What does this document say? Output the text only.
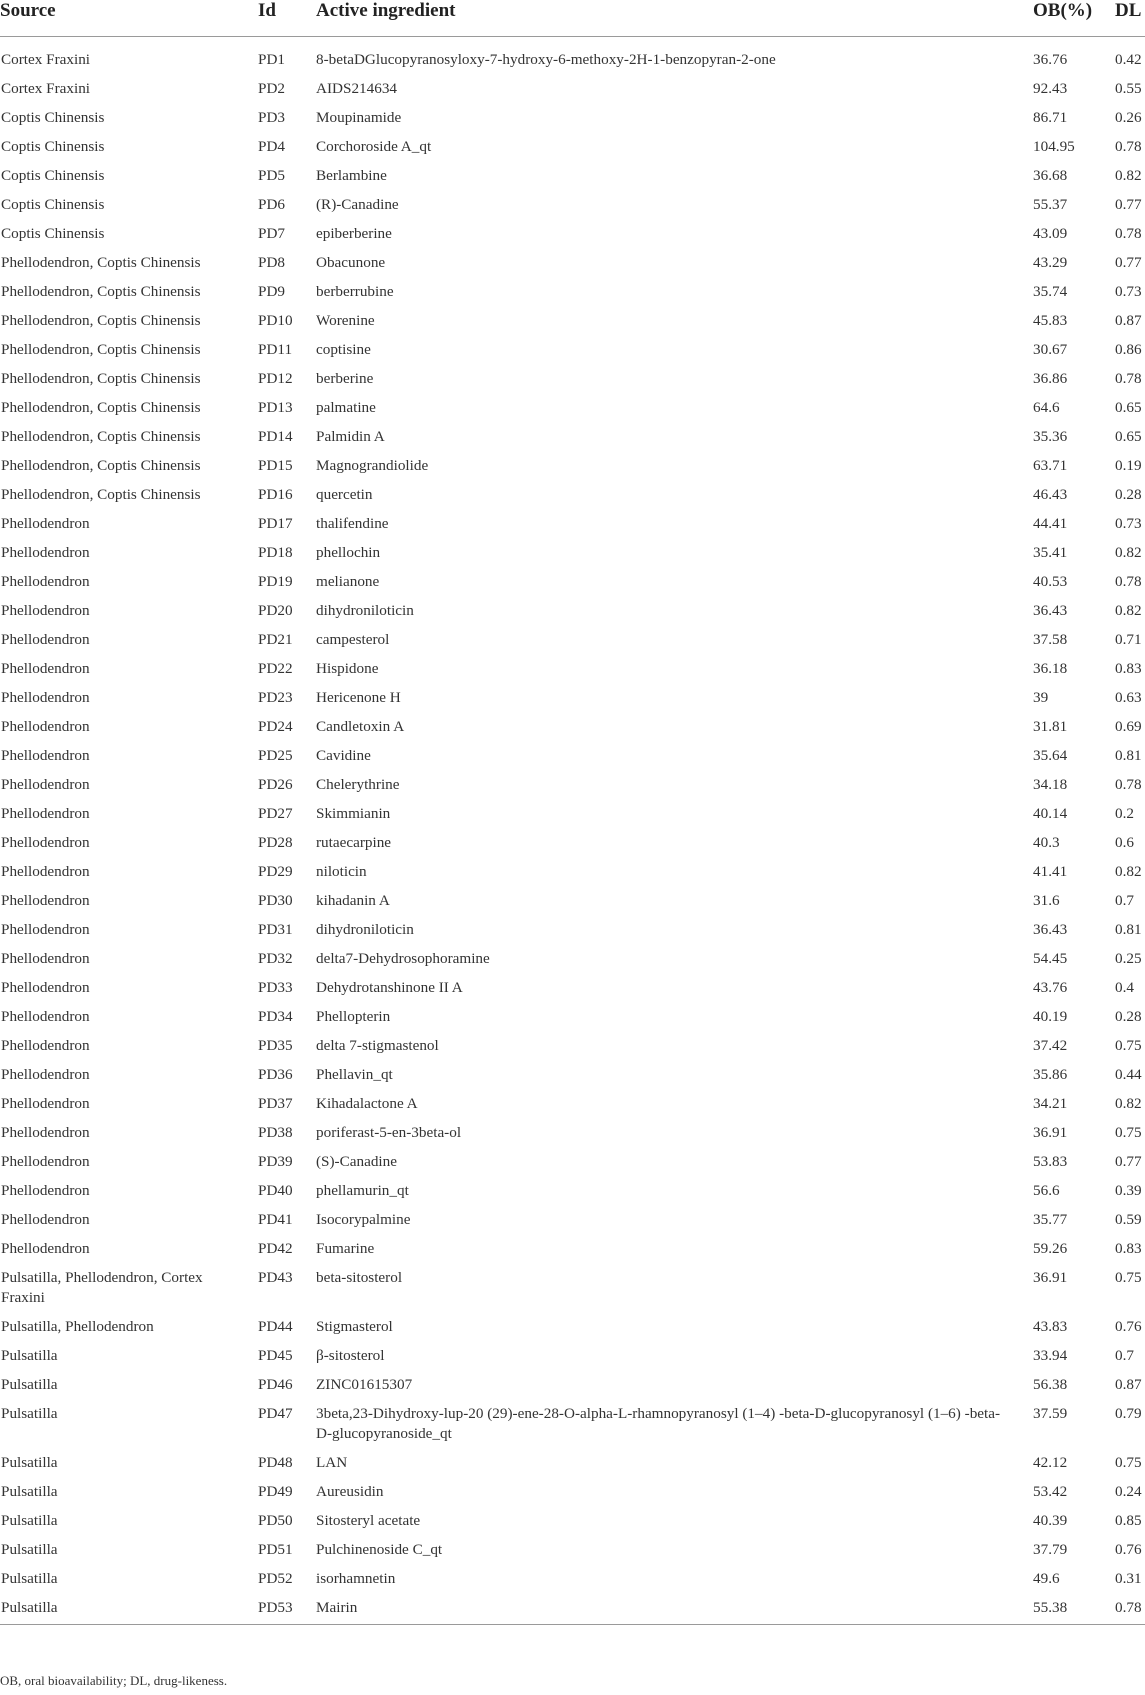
Source	Id	Active ingredient	OB(%)	DL

Cortex Fraxini	PD1	8-betaDGlucopyranosyloxy-7-hydroxy-6-methoxy-2H-1-benzopyran-2-one	36.76	0.42
Cortex Fraxini	PD2	AIDS214634	92.43	0.55
Coptis Chinensis	PD3	Moupinamide	86.71	0.26
Coptis Chinensis	PD4	Corchoroside A_qt	104.95	0.78
Coptis Chinensis	PD5	Berlambine	36.68	0.82
Coptis Chinensis	PD6	(R)-Canadine	55.37	0.77
Coptis Chinensis	PD7	epiberberine	43.09	0.78
Phellodendron, Coptis Chinensis	PD8	Obacunone	43.29	0.77
Phellodendron, Coptis Chinensis	PD9	berberrubine	35.74	0.73
Phellodendron, Coptis Chinensis	PD10	Worenine	45.83	0.87
Phellodendron, Coptis Chinensis	PD11	coptisine	30.67	0.86
Phellodendron, Coptis Chinensis	PD12	berberine	36.86	0.78
Phellodendron, Coptis Chinensis	PD13	palmatine	64.6	0.65
Phellodendron, Coptis Chinensis	PD14	Palmidin A	35.36	0.65
Phellodendron, Coptis Chinensis	PD15	Magnograndiolide	63.71	0.19
Phellodendron, Coptis Chinensis	PD16	quercetin	46.43	0.28
Phellodendron	PD17	thalifendine	44.41	0.73
Phellodendron	PD18	phellochin	35.41	0.82
Phellodendron	PD19	melianone	40.53	0.78
Phellodendron	PD20	dihydroniloticin	36.43	0.82
Phellodendron	PD21	campesterol	37.58	0.71
Phellodendron	PD22	Hispidone	36.18	0.83
Phellodendron	PD23	Hericenone H	39	0.63
Phellodendron	PD24	Candletoxin A	31.81	0.69
Phellodendron	PD25	Cavidine	35.64	0.81
Phellodendron	PD26	Chelerythrine	34.18	0.78
Phellodendron	PD27	Skimmianin	40.14	0.2
Phellodendron	PD28	rutaecarpine	40.3	0.6
Phellodendron	PD29	niloticin	41.41	0.82
Phellodendron	PD30	kihadanin A	31.6	0.7
Phellodendron	PD31	dihydroniloticin	36.43	0.81
Phellodendron	PD32	delta7-Dehydrosophoramine	54.45	0.25
Phellodendron	PD33	Dehydrotanshinone II A	43.76	0.4
Phellodendron	PD34	Phellopterin	40.19	0.28
Phellodendron	PD35	delta 7-stigmastenol	37.42	0.75
Phellodendron	PD36	Phellavin_qt	35.86	0.44
Phellodendron	PD37	Kihadalactone A	34.21	0.82
Phellodendron	PD38	poriferast-5-en-3beta-ol	36.91	0.75
Phellodendron	PD39	(S)-Canadine	53.83	0.77
Phellodendron	PD40	phellamurin_qt	56.6	0.39
Phellodendron	PD41	Isocorypalmine	35.77	0.59
Phellodendron	PD42	Fumarine	59.26	0.83
Pulsatilla, Phellodendron, Cortex Fraxini	PD43	beta-sitosterol	36.91	0.75
Pulsatilla, Phellodendron	PD44	Stigmasterol	43.83	0.76
Pulsatilla	PD45	β-sitosterol	33.94	0.7
Pulsatilla	PD46	ZINC01615307	56.38	0.87
Pulsatilla	PD47	3beta,23-Dihydroxy-lup-20 (29)-ene-28-O-alpha-L-rhamnopyranosyl (1–4) -beta-D-glucopyranosyl (1–6) -beta-D-glucopyranoside_qt	37.59	0.79
Pulsatilla	PD48	LAN	42.12	0.75
Pulsatilla	PD49	Aureusidin	53.42	0.24
Pulsatilla	PD50	Sitosteryl acetate	40.39	0.85
Pulsatilla	PD51	Pulchinenoside C_qt	37.79	0.76
Pulsatilla	PD52	isorhamnetin	49.6	0.31
Pulsatilla	PD53	Mairin	55.38	0.78
OB, oral bioavailability; DL, drug-likeness.
